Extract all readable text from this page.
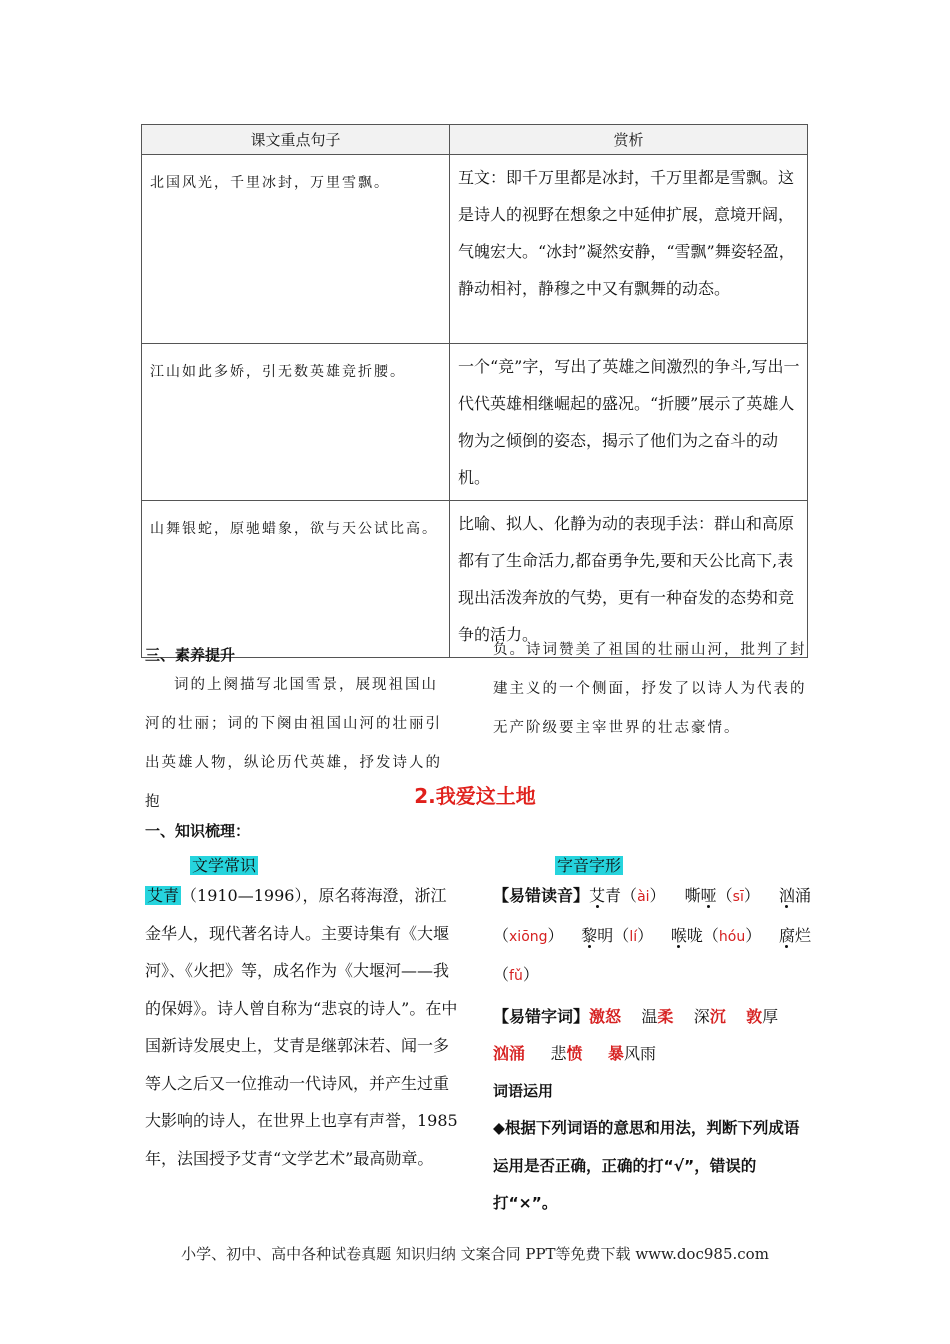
课文重点句子	赏析
北国风光，千里冰封，万里雪飘。	互文：即千万里都是冰封，千万里都是雪飘。这是诗人的视野在想象之中延伸扩展，意境开阔，气魄宏大。“冰封”凝然安静，“雪飘”舞姿轻盈，静动相衬，静穆之中又有飘舞的动态。
江山如此多娇，引无数英雄竞折腰。	一个“竞”字，写出了英雄之间激烈的争斗,写出一代代英雄相继崛起的盛况。“折腰”展示了英雄人物为之倾倒的姿态，揭示了他们为之奋斗的动机。
山舞银蛇，原驰蜡象，欲与天公试比高。	比喻、拟人、化静为动的表现手法：群山和高原都有了生命活力,都奋勇争先,要和天公比高下,表现出活泼奔放的气势，更有一种奋发的态势和竞争的活力。
三、素养提升
词的上阕描写北国雪景，展现祖国山河的壮丽；词的下阕由祖国山河的壮丽引出英雄人物，纵论历代英雄，抒发诗人的抱
负。诗词赞美了祖国的壮丽山河，批判了封建主义的一个侧面，抒发了以诗人为代表的无产阶级要主宰世界的壮志豪情。
2.我爱这土地
一、知识梳理：
文学常识
艾青 （1910—1996），原名蒋海澄，浙江金华人，现代著名诗人。主要诗集有《大堰河》、《火把》等，成名作为《大堰河——我的保姆》。诗人曾自称为“悲哀的诗人”。在中国新诗发展史上，艾青是继郭沫若、闻一多等人之后又一位推动一代诗风，并产生过重大影响的诗人，在世界上也享有声誉，1985年，法国授予艾青“文学艺术”最高勋章。
字音字形
【易错读音】艾青（ài） 嘶哑（sī） 汹涌
（xiōng） 黎明（lí） 喉咙（hóu） 腐烂
（fǔ）
【易错字词】激怒 温柔 深沉 敦厚
汹涌 悲愤 暴风雨
词语运用
◆根据下列词语的意思和用法，判断下列成语运用是否正确，正确的打“√”，错误的打“×”。
小学、初中、高中各种试卷真题 知识归纳 文案合同 PPT等免费下载 www.doc985.com
